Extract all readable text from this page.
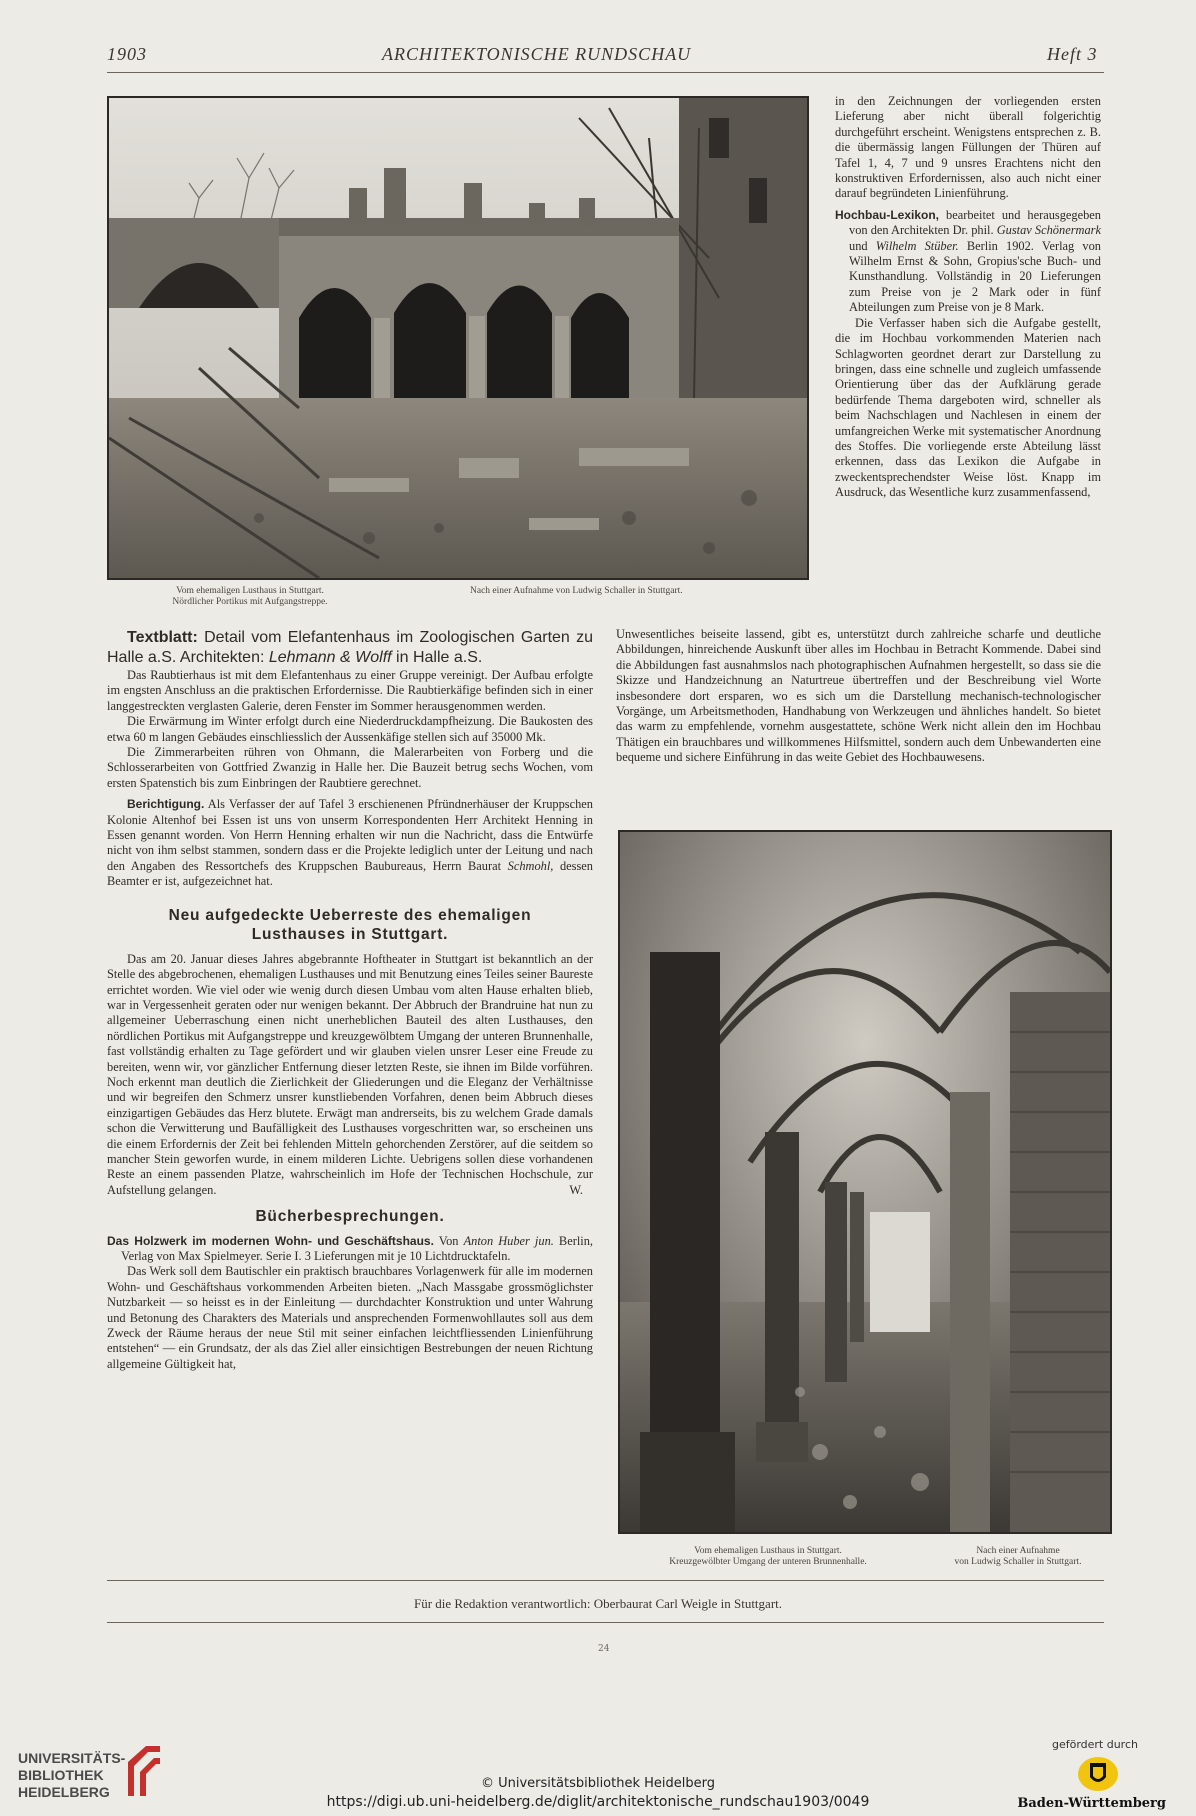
1903	ARCHITEKTONISCHE RUNDSCHAU	Heft 3
Vom ehemaligen Lusthaus in Stuttgart.
Nördlicher Portikus mit Aufgangstreppe.
Nach einer Aufnahme von Ludwig Schaller in Stuttgart.

in den Zeichnungen der vorliegenden ersten Lieferung aber nicht überall folgerichtig durchgeführt erscheint. Wenigstens entsprechen z. B. die übermässig langen Füllungen der Thüren auf Tafel 1, 4, 7 und 9 unsres Erachtens nicht den konstruktiven Erfordernissen, also auch nicht einer darauf begründeten Linienführung.

Hochbau-Lexikon, bearbeitet und herausgegeben von den Architekten Dr. phil. Gustav Schönermark und Wilhelm Stüber. Berlin 1902. Verlag von Wilhelm Ernst & Sohn, Gropius'sche Buch- und Kunsthandlung. Vollständig in 20 Lieferungen zum Preise von je 2 Mark oder in fünf Abteilungen zum Preise von je 8 Mark.

Die Verfasser haben sich die Aufgabe gestellt, die im Hochbau vorkommenden Materien nach Schlagworten geordnet derart zur Darstellung zu bringen, dass eine schnelle und zugleich umfassende Orientierung über das der Aufklärung gerade bedürfende Thema dargeboten wird, schneller als beim Nachschlagen und Nachlesen in einem der umfangreichen Werke mit systematischer Anordnung des Stoffes. Die vorliegende erste Abteilung lässt erkennen, dass das Lexikon die Aufgabe in zweckentsprechendster Weise löst. Knapp im Ausdruck, das Wesentliche kurz zusammenfassend,

Unwesentliches beiseite lassend, gibt es, unterstützt durch zahlreiche scharfe und deutliche Abbildungen, hinreichende Auskunft über alles im Hochbau in Betracht Kommende. Dabei sind die Abbildungen fast ausnahmslos nach photographischen Aufnahmen hergestellt, so dass sie die Skizze und Handzeichnung an Naturtreue übertreffen und der Beschreibung viel Worte insbesondere dort ersparen, wo es sich um die Darstellung mechanisch-technologischer Vorgänge, um Arbeitsmethoden, Handhabung von Werkzeugen und ähnliches handelt. So bietet das warm zu empfehlende, vornehm ausgestattete, schöne Werk nicht allein den im Hochbau Thätigen ein brauchbares und willkommenes Hilfsmittel, sondern auch dem Unbewanderten eine bequeme und sichere Einführung in das weite Gebiet des Hochbauwesens.

Textblatt: Detail vom Elefantenhaus im Zoologischen Garten zu Halle a.S. Architekten: Lehmann & Wolff in Halle a.S.

Das Raubtierhaus ist mit dem Elefantenhaus zu einer Gruppe vereinigt. Der Aufbau erfolgte im engsten Anschluss an die praktischen Erfordernisse. Die Raubtierkäfige befinden sich in einer langgestreckten verglasten Galerie, deren Fenster im Sommer herausgenommen werden.

Die Erwärmung im Winter erfolgt durch eine Niederdruckdampfheizung. Die Baukosten des etwa 60 m langen Gebäudes einschliesslich der Aussenkäfige stellen sich auf 35000 Mk.

Die Zimmerarbeiten rühren von Ohmann, die Malerarbeiten von Forberg und die Schlosserarbeiten von Gottfried Zwanzig in Halle her. Die Bauzeit betrug sechs Wochen, vom ersten Spatenstich bis zum Einbringen der Raubtiere gerechnet.

Berichtigung. Als Verfasser der auf Tafel 3 erschienenen Pfründnerhäuser der Kruppschen Kolonie Altenhof bei Essen ist uns von unserm Korrespondenten Herr Architekt Henning in Essen genannt worden. Von Herrn Henning erhalten wir nun die Nachricht, dass die Entwürfe nicht von ihm selbst stammen, sondern dass er die Projekte lediglich unter der Leitung und nach den Angaben des Ressortchefs des Kruppschen Baubureaus, Herrn Baurat Schmohl, dessen Beamter er ist, aufgezeichnet hat.

Neu aufgedeckte Ueberreste des ehemaligen Lusthauses in Stuttgart.

Das am 20. Januar dieses Jahres abgebrannte Hoftheater in Stuttgart ist bekanntlich an der Stelle des abgebrochenen, ehemaligen Lusthauses und mit Benutzung eines Teiles seiner Baureste errichtet worden. Wie viel oder wie wenig durch diesen Umbau vom alten Hause erhalten blieb, war in Vergessenheit geraten oder nur wenigen bekannt. Der Abbruch der Brandruine hat nun zu allgemeiner Ueberraschung einen nicht unerheblichen Bauteil des alten Lusthauses, den nördlichen Portikus mit Aufgangstreppe und kreuzgewölbtem Umgang der unteren Brunnenhalle, fast vollständig erhalten zu Tage gefördert und wir glauben vielen unsrer Leser eine Freude zu bereiten, wenn wir, vor gänzlicher Entfernung dieser letzten Reste, sie ihnen im Bilde vorführen. Noch erkennt man deutlich die Zierlichkeit der Gliederungen und die Eleganz der Verhältnisse und wir begreifen den Schmerz unsrer kunstliebenden Vorfahren, denen beim Abbruch dieses einzigartigen Gebäudes das Herz blutete. Erwägt man andrerseits, bis zu welchem Grade damals schon die Verwitterung und Baufälligkeit des Lusthauses vorgeschritten war, so erscheinen uns die einem Erfordernis der Zeit bei fehlenden Mitteln gehorchenden Zerstörer, auf die seitdem so mancher Stein geworfen wurde, in einem milderen Lichte. Uebrigens sollen diese vorhandenen Reste an einem passenden Platze, wahrscheinlich im Hofe der Technischen Hochschule, zur Aufstellung gelangen.	W.

Bücherbesprechungen.

Das Holzwerk im modernen Wohn- und Geschäftshaus. Von Anton Huber jun. Berlin, Verlag von Max Spielmeyer. Serie I. 3 Lieferungen mit je 10 Lichtdrucktafeln.

Das Werk soll dem Bautischler ein praktisch brauchbares Vorlagenwerk für alle im modernen Wohn- und Geschäftshaus vorkommenden Arbeiten bieten. „Nach Massgabe grossmöglichster Nutzbarkeit — so heisst es in der Einleitung — durchdachter Konstruktion und unter Wahrung und Betonung des Charakters des Materials und ansprechenden Formenwohllautes soll aus dem Zweck der Räume heraus der neue Stil mit seiner einfachen leichtfliessenden Linienführung entstehen“ — ein Grundsatz, der als das Ziel aller einsichtigen Bestrebungen der neuen Richtung allgemeine Gültigkeit hat,

Vom ehemaligen Lusthaus in Stuttgart.
Kreuzgewölbter Umgang der unteren Brunnenhalle.
Nach einer Aufnahme
von Ludwig Schaller in Stuttgart.
Für die Redaktion verantwortlich: Oberbaurat Carl Weigle in Stuttgart.
24
UNIVERSITÄTS-
BIBLIOTHEK
HEIDELBERG
© Universitätsbibliothek Heidelberg
https://digi.ub.uni-heidelberg.de/diglit/architektonische_rundschau1903/0049
gefördert durch
Baden-Württemberg
